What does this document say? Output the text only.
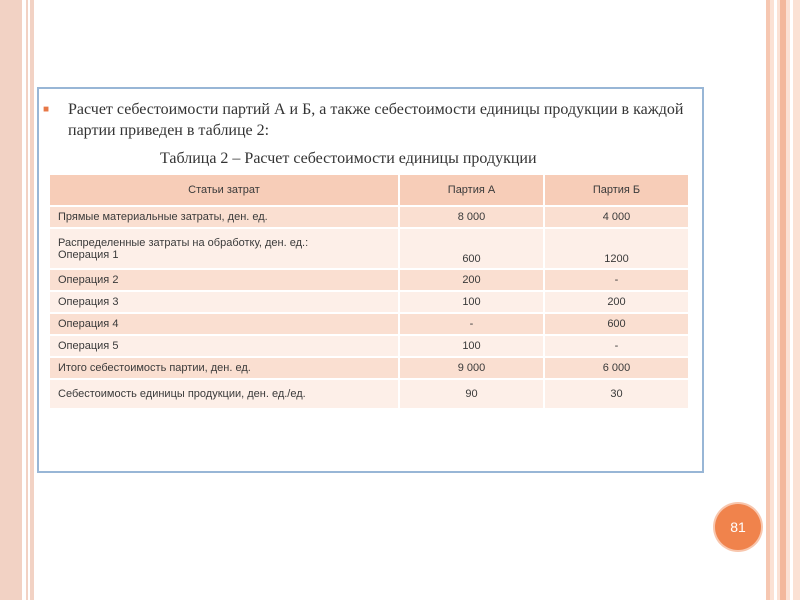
■ Расчет себестоимости партий А и Б, а также себестоимости единицы продукции в каждой партии приведен в таблице 2:
Таблица 2 – Расчет себестоимости единицы продукции
Статьи затрат	Партия А	Партия Б
Прямые материальные затраты, ден. ед.	8 000	4 000

Распределенные затраты на обработку, ден. ед.:
Операция 1	600	1200
Операция 2	200	-
Операция 3	100	200
Операция 4	-	600
Операция 5	100	-
Итого себестоимость партии, ден. ед.	9 000	6 000
Себестоимость единицы продукции, ден. ед./ед.	90	30
81
